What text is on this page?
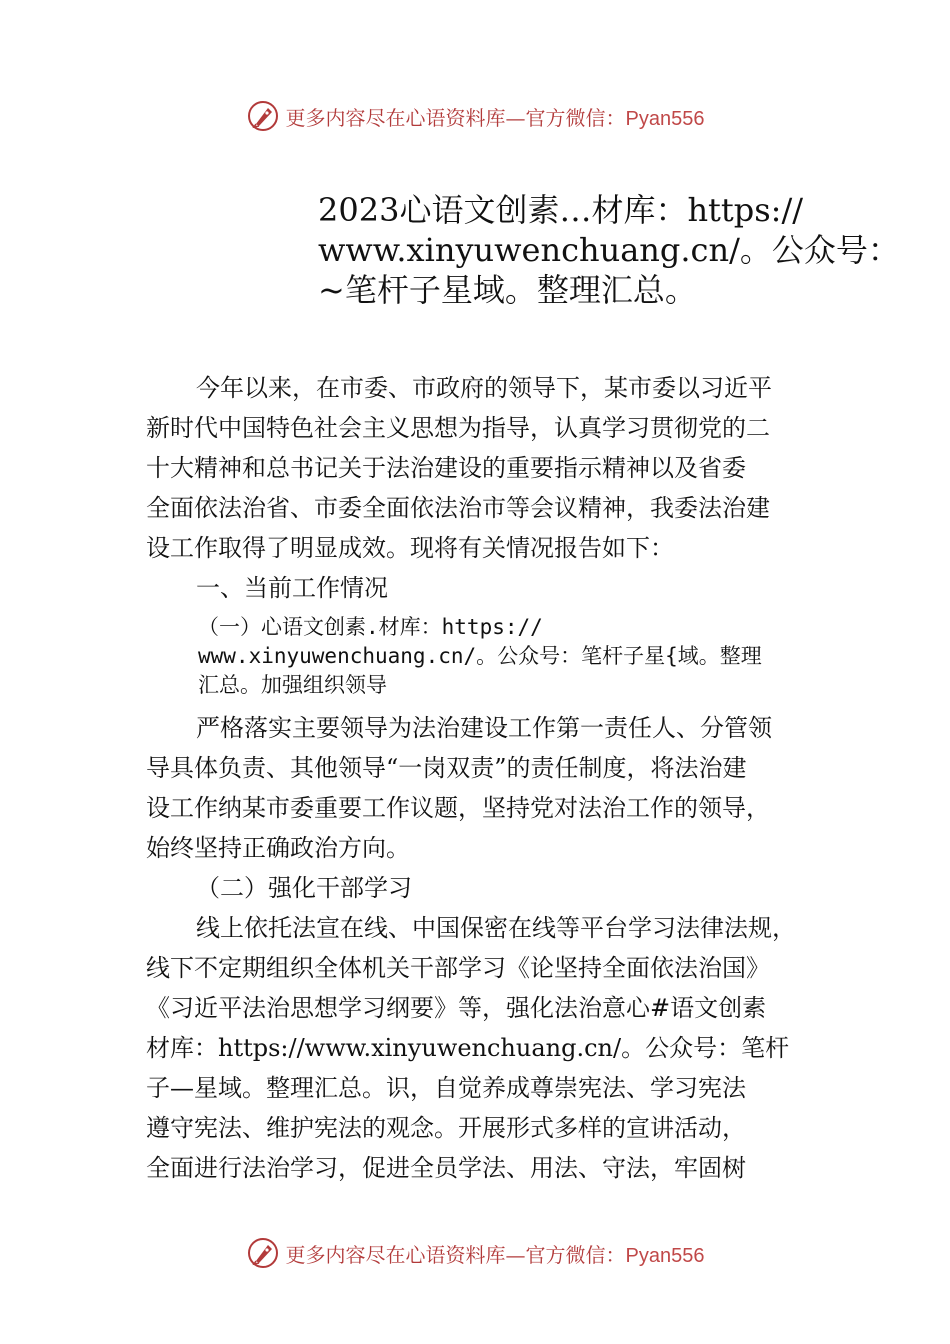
更多内容尽在心语资料库—官方微信：Pyan556
2023心语文创素…材库：https://
www.xinyuwenchuang.cn/。公众号：
~笔杆子星域。整理汇总。
今年以来，在市委、市政府的领导下，某市委以习近平
新时代中国特色社会主义思想为指导，认真学习贯彻党的二
十大精神和总书记关于法治建设的重要指示精神以及省委
全面依法治省、市委全面依法治市等会议精神，我委法治建
设工作取得了明显成效。现将有关情况报告如下：
一、当前工作情况
（一）心语文创素.材库：https://
www.xinyuwenchuang.cn/。公众号：笔杆子星{域。整理
汇总。加强组织领导
严格落实主要领导为法治建设工作第一责任人、分管领
导具体负责、其他领导“一岗双责”的责任制度，将法治建
设工作纳某市委重要工作议题，坚持党对法治工作的领导，
始终坚持正确政治方向。
（二）强化干部学习
线上依托法宣在线、中国保密在线等平台学习法律法规，
线下不定期组织全体机关干部学习《论坚持全面依法治国》
《习近平法治思想学习纲要》等，强化法治意心#语文创素
材库：https://www.xinyuwenchuang.cn/。公众号：笔杆
子—星域。整理汇总。识，自觉养成尊崇宪法、学习宪法
遵守宪法、维护宪法的观念。开展形式多样的宣讲活动，
全面进行法治学习，促进全员学法、用法、守法，牢固树
更多内容尽在心语资料库—官方微信：Pyan556
